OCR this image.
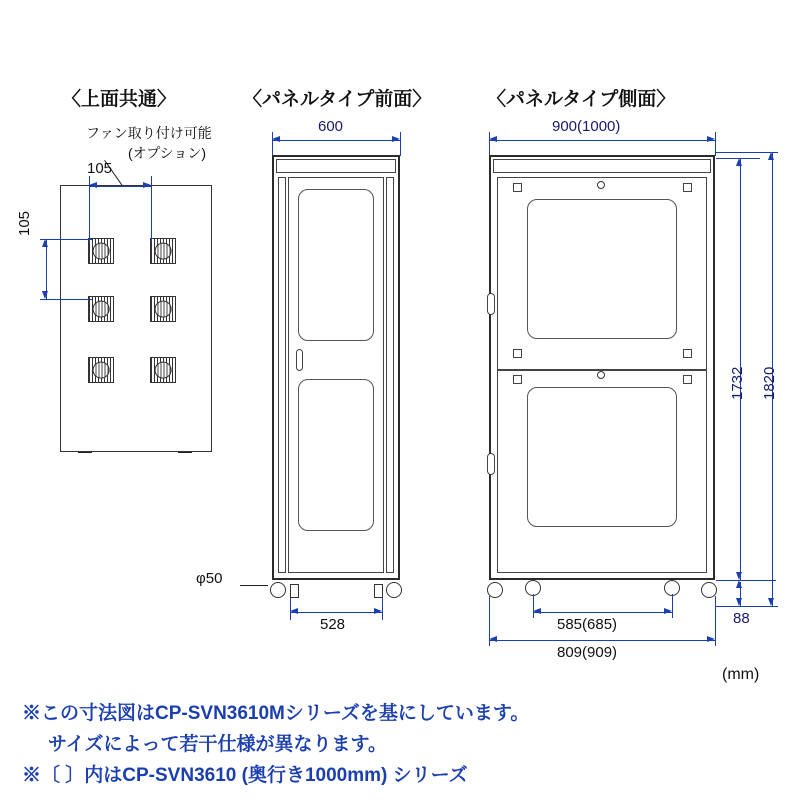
〈上面共通〉	〈パネルタイプ前面〉	〈パネルタイプ側面〉
ファン取り付け可能
(オプション)
105
105
600
φ50
528
900(1000)
1732 1820
88
585(685)
809(909)
(mm)
※この寸法図はCP-SVN3610Mシリーズを基にしています。
サイズによって若干仕様が異なります。
※〔 〕内はCP-SVN3610 (奥行き1000mm) シリーズ
